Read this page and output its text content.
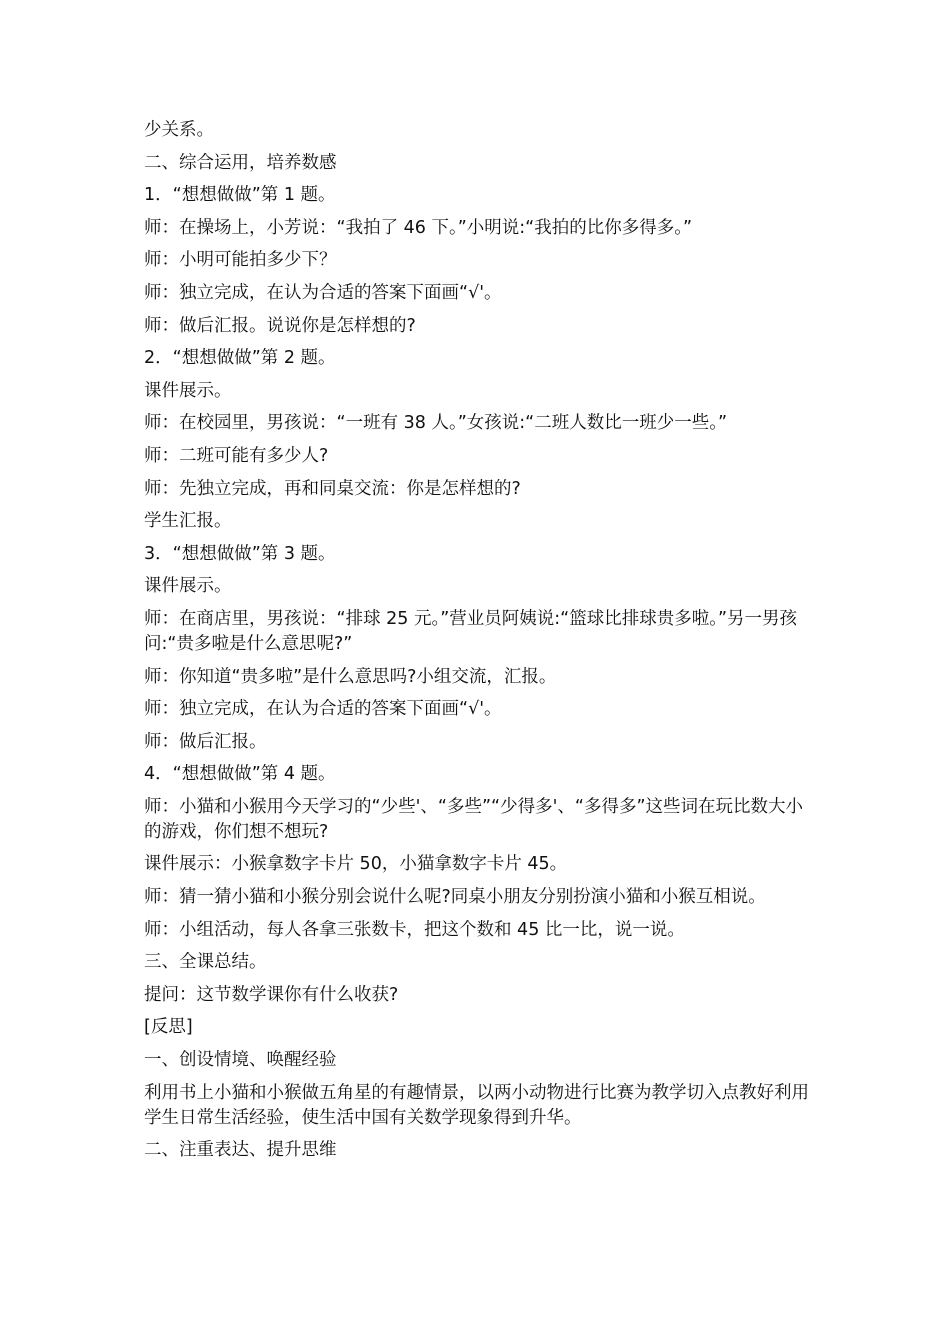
少关系。

二、综合运用，培养数感

1．“想想做做”第 1 题。

师：在操场上，小芳说：“我拍了 46 下。”小明说:“我拍的比你多得多。”

师：小明可能拍多少下？

师：独立完成，在认为合适的答案下面画“√'。

师：做后汇报。说说你是怎样想的?

2．“想想做做”第 2 题。

课件展示。

师：在校园里，男孩说：“一班有 38 人。”女孩说:“二班人数比一班少一些。”

师：二班可能有多少人?

师：先独立完成，再和同桌交流：你是怎样想的?

学生汇报。

3．“想想做做”第 3 题。

课件展示。

师：在商店里，男孩说：“排球 25 元。”营业员阿姨说:“篮球比排球贵多啦。”另一男孩问:“贵多啦是什么意思呢?”

师：你知道“贵多啦”是什么意思吗?小组交流，汇报。

师：独立完成，在认为合适的答案下面画“√'。

师：做后汇报。

4．“想想做做”第 4 题。

师：小猫和小猴用今天学习的“少些'、“多些”“少得多'、“多得多”这些词在玩比数大小的游戏，你们想不想玩?

课件展示：小猴拿数字卡片 50，小猫拿数字卡片 45。

师：猜一猜小猫和小猴分别会说什么呢?同桌小朋友分别扮演小猫和小猴互相说。

师：小组活动，每人各拿三张数卡，把这个数和 45 比一比，说一说。

三、全课总结。

提问：这节数学课你有什么收获?

[反思]

一、创设情境、唤醒经验

利用书上小猫和小猴做五角星的有趣情景，以两小动物进行比赛为教学切入点教好利用学生日常生活经验，使生活中国有关数学现象得到升华。

二、注重表达、提升思维
